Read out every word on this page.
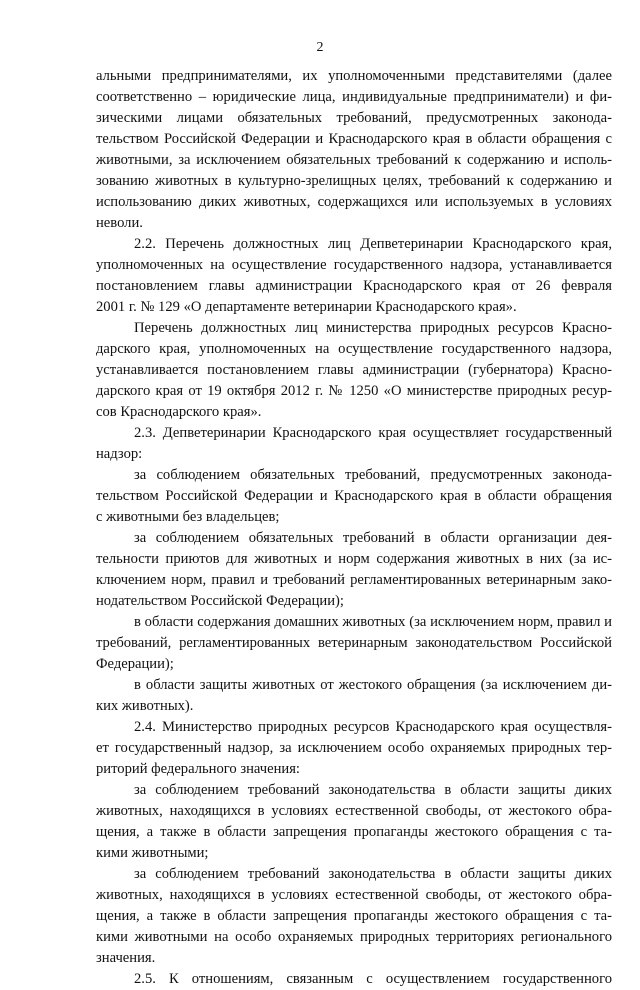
2
альными предпринимателями, их уполномоченными представителями (далее
соответственно – юридические лица, индивидуальные предприниматели) и фи-
зическими лицами обязательных требований, предусмотренных законода-
тельством Российской Федерации и Краснодарского края в области обращения с
животными, за исключением обязательных требований к содержанию и исполь-
зованию животных в культурно-зрелищных целях, требований к содержанию и
использованию диких животных, содержащихся или используемых в условиях
неволи.
2.2. Перечень должностных лиц Депветеринарии Краснодарского края,
уполномоченных на осуществление государственного надзора, устанавливается
постановлением главы администрации Краснодарского края от 26 февраля
2001 г. № 129 «О департаменте ветеринарии Краснодарского края».
Перечень должностных лиц министерства природных ресурсов Красно-
дарского края, уполномоченных на осуществление государственного надзора,
устанавливается постановлением главы администрации (губернатора) Красно-
дарского края от 19 октября 2012 г. № 1250 «О министерстве природных ресур-
сов Краснодарского края».
2.3. Депветеринарии Краснодарского края осуществляет государственный
надзор:
за соблюдением обязательных требований, предусмотренных законода-
тельством Российской Федерации и Краснодарского края в области обращения
с животными без владельцев;
за соблюдением обязательных требований в области организации дея-
тельности приютов для животных и норм содержания животных в них (за ис-
ключением норм, правил и требований регламентированных ветеринарным зако-
нодательством Российской Федерации);
в области содержания домашних животных (за исключением норм, правил и
требований, регламентированных ветеринарным законодательством Российской
Федерации);
в области защиты животных от жестокого обращения (за исключением ди-
ких животных).
2.4. Министерство природных ресурсов Краснодарского края осуществля-
ет государственный надзор, за исключением особо охраняемых природных тер-
риторий федерального значения:
за соблюдением требований законодательства в области защиты диких
животных, находящихся в условиях естественной свободы, от жестокого обра-
щения, а также в области запрещения пропаганды жестокого обращения с та-
кими животными;
за соблюдением требований законодательства в области защиты диких
животных, находящихся в условиях естественной свободы, от жестокого обра-
щения, а также в области запрещения пропаганды жестокого обращения с та-
кими животными на особо охраняемых природных территориях регионального
значения.
2.5. К отношениям, связанным с осуществлением государственного
